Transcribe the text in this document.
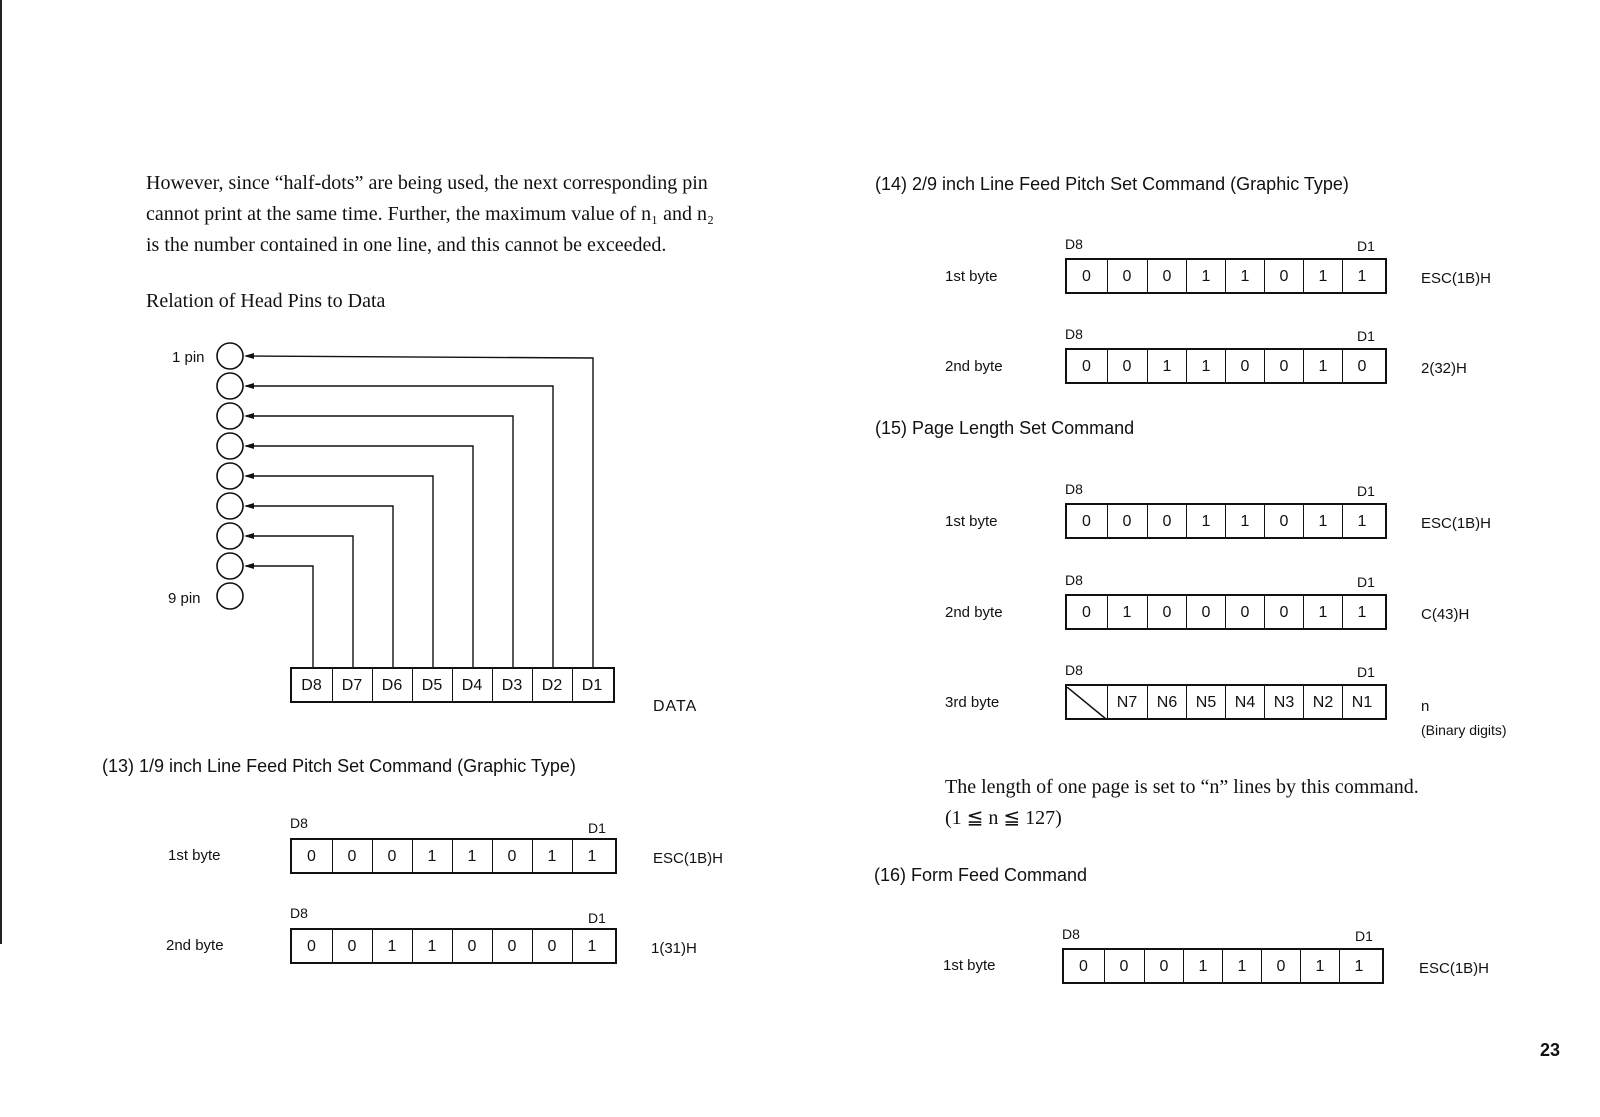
However, since “half-dots” are being used, the next corresponding pin
cannot print at the same time. Further, the maximum value of n₁ and n₂
is the number contained in one line, and this cannot be exceeded.
Relation of Head Pins to Data
1 pin
9 pin
D8	D7	D6	D5	D4	D3	D2	D1
DATA
(13) 1/9 inch Line Feed Pitch Set Command (Graphic Type)
D8	D1
1st byte	0	0	0	1	1	0	1	1	ESC(1B)H
D8	D1
2nd byte	0	0	1	1	0	0	0	1	1(31)H
(14) 2/9 inch Line Feed Pitch Set Command (Graphic Type)
D8	D1
1st byte	0	0	0	1	1	0	1	1	ESC(1B)H
D8	D1
2nd byte	0	0	1	1	0	0	1	0	2(32)H
(15) Page Length Set Command
D8	D1
1st byte	0	0	0	1	1	0	1	1	ESC(1B)H
D8	D1
2nd byte	0	1	0	0	0	0	1	1	C(43)H
D8	D1
3rd byte	N7	N6	N5	N4	N3	N2	N1	n
(Binary digits)
The length of one page is set to “n” lines by this command.
(1 ≦ n ≦ 127)
(16) Form Feed Command
D8	D1
1st byte	0	0	0	1	1	0	1	1	ESC(1B)H
23
